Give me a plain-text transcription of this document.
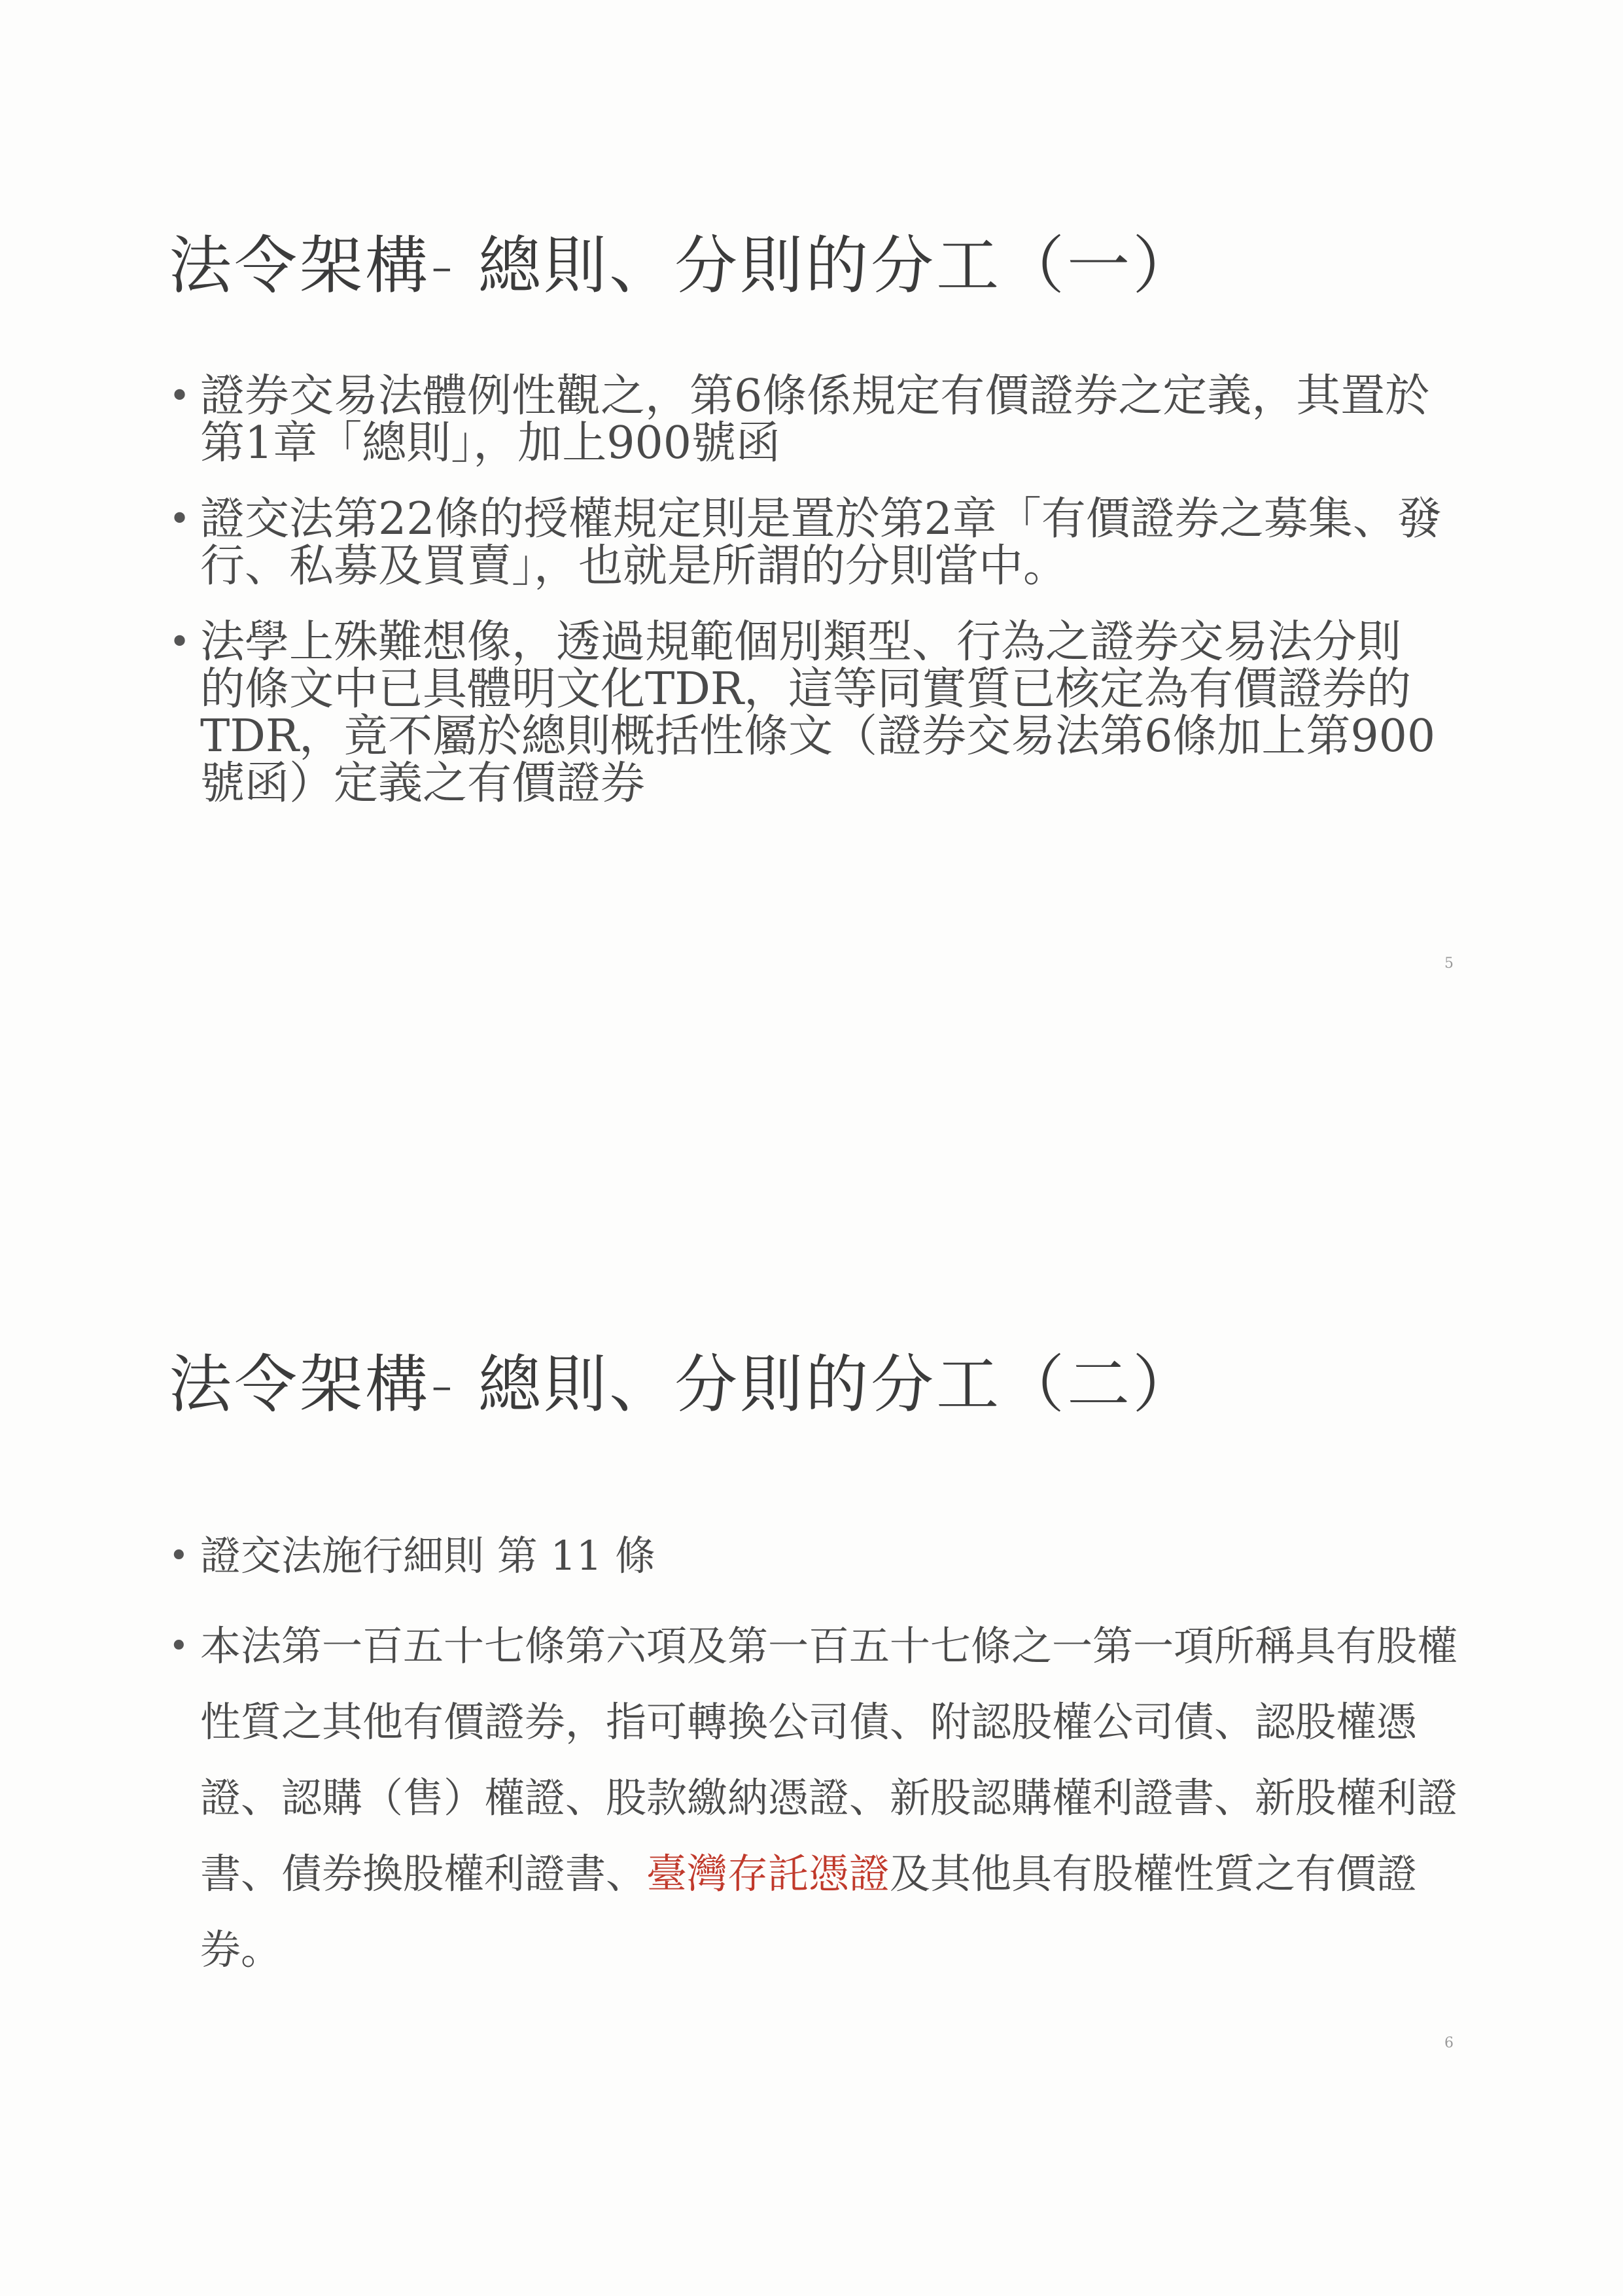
法令架構- 總則、分則的分工（一）
• 證券交易法體例性觀之，第6條係規定有價證券之定義，其置於第1章「總則」，加上900號函
• 證交法第22條的授權規定則是置於第2章「有價證券之募集、發行、私募及買賣」，也就是所謂的分則當中。
• 法學上殊難想像，透過規範個別類型、行為之證券交易法分則的條文中已具體明文化TDR，這等同實質已核定為有價證券的TDR，竟不屬於總則概括性條文（證券交易法第6條加上第900號函）定義之有價證券
5
法令架構- 總則、分則的分工（二）
• 證交法施行細則 第 11 條
• 本法第一百五十七條第六項及第一百五十七條之一第一項所稱具有股權性質之其他有價證券，指可轉換公司債、附認股權公司債、認股權憑證、認購（售）權證、股款繳納憑證、新股認購權利證書、新股權利證書、債券換股權利證書、臺灣存託憑證及其他具有股權性質之有價證券。
6
